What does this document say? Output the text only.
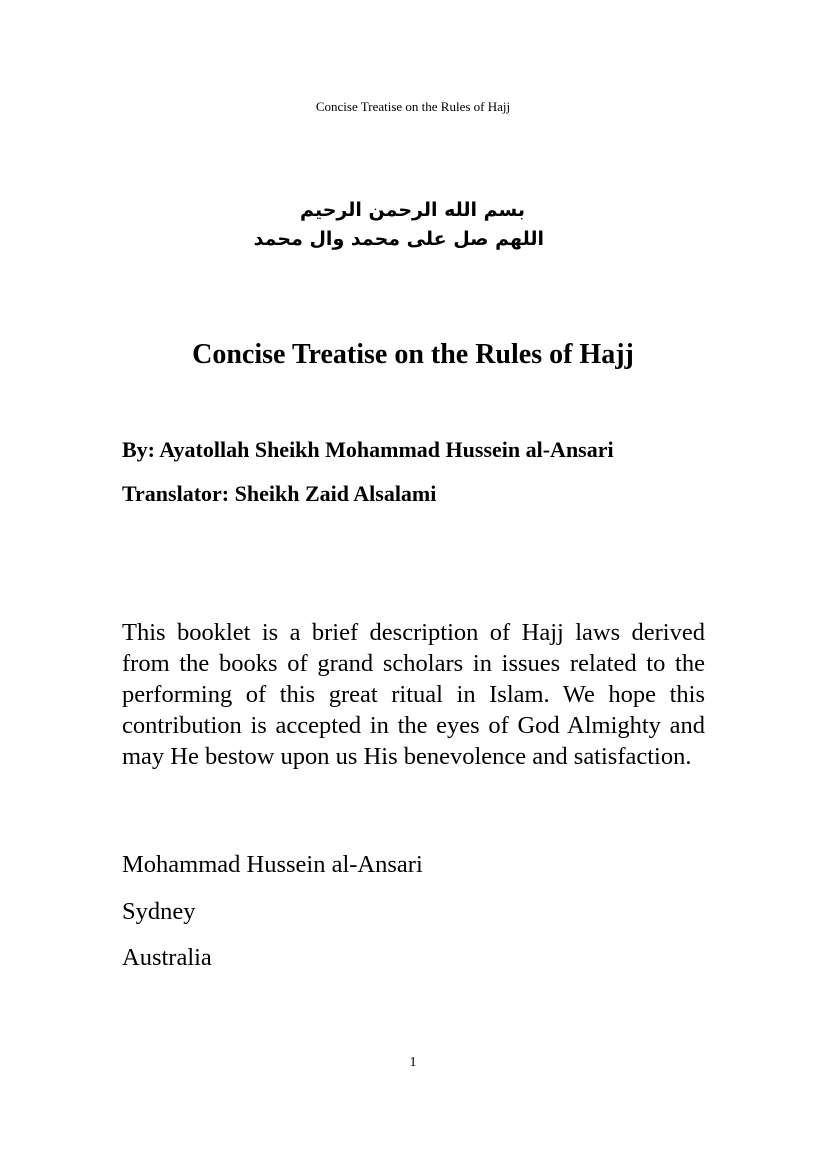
Concise Treatise on the Rules of Hajj
بسم الله الرحمن الرحيم
اللهم صل على محمد وال محمد
Concise Treatise on the Rules of Hajj
By: Ayatollah Sheikh Mohammad Hussein al-Ansari
Translator: Sheikh Zaid Alsalami

This booklet is a brief description of Hajj laws derived from the books of grand scholars in issues related to the performing of this great ritual in Islam. We hope this contribution is accepted in the eyes of God Almighty and may He bestow upon us His benevolence and satisfaction.

Mohammad Hussein al-Ansari
Sydney
Australia
1
